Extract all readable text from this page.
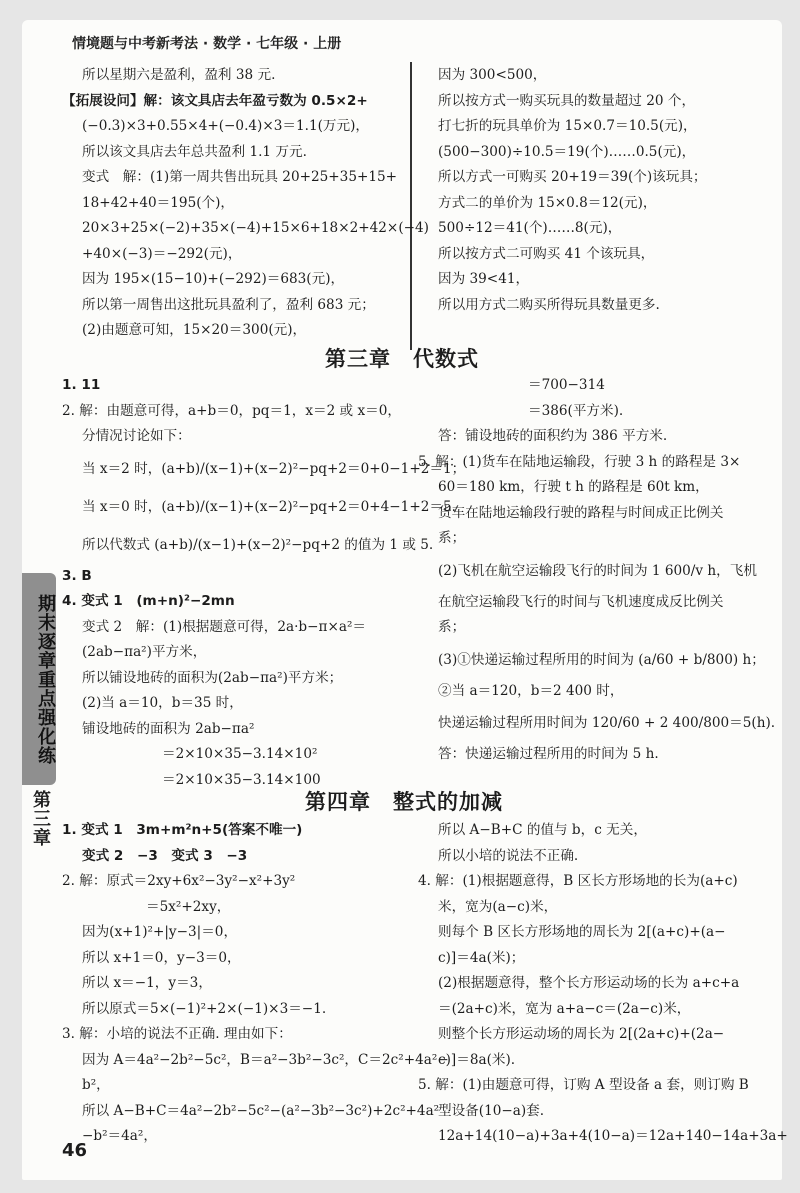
情境题与中考新考法 · 数学 · 七年级 · 上册
所以星期六是盈利，盈利 38 元.
【拓展设问】解：该文具店去年盈亏数为 0.5×2+
(−0.3)×3+0.55×4+(−0.4)×3＝1.1(万元)，
所以该文具店去年总共盈利 1.1 万元.
变式　解：(1)第一周共售出玩具 20+25+35+15+
18+42+40＝195(个)，
20×3+25×(−2)+35×(−4)+15×6+18×2+42×(−4)
+40×(−3)＝−292(元)，
因为 195×(15−10)+(−292)＝683(元)，
所以第一周售出这批玩具盈利了，盈利 683 元；
(2)由题意可知，15×20＝300(元)，
因为 300<500，
所以按方式一购买玩具的数量超过 20 个，
打七折的玩具单价为 15×0.7＝10.5(元)，
(500−300)÷10.5＝19(个)……0.5(元)，
所以方式一可购买 20+19＝39(个)该玩具；
方式二的单价为 15×0.8＝12(元)，
500÷12＝41(个)……8(元)，
所以按方式二可购买 41 个该玩具，
因为 39<41，
所以用方式二购买所得玩具数量更多.
第三章　代数式
1. 11
2. 解：由题意可得，a+b＝0，pq＝1，x＝2 或 x＝0，
分情况讨论如下：
当 x＝2 时，(a+b)/(x−1)+(x−2)²−pq+2＝0+0−1+2＝1；
当 x＝0 时，(a+b)/(x−1)+(x−2)²−pq+2＝0+4−1+2＝5.
所以代数式 (a+b)/(x−1)+(x−2)²−pq+2 的值为 1 或 5.
3. B
4. 变式 1　(m+n)²−2mn
变式 2　解：(1)根据题意可得，2a·b−π×a²＝
(2ab−πa²)平方米，
所以铺设地砖的面积为(2ab−πa²)平方米；
(2)当 a＝10，b＝35 时，
铺设地砖的面积为 2ab−πa²
＝2×10×35−3.14×10²
＝2×10×35−3.14×100
＝700−314
＝386(平方米).
答：铺设地砖的面积约为 386 平方米.
5. 解：(1)货车在陆地运输段，行驶 3 h 的路程是 3×
60＝180 km，行驶 t h 的路程是 60t km，
货车在陆地运输段行驶的路程与时间成正比例关
系；
(2)飞机在航空运输段飞行的时间为 1 600/v h，飞机
在航空运输段飞行的时间与飞机速度成反比例关
系；
(3)①快递运输过程所用的时间为 (a/60 + b/800) h；
②当 a＝120，b＝2 400 时，
快递运输过程所用时间为 120/60 + 2 400/800＝5(h).
答：快递运输过程所用的时间为 5 h.
第四章　整式的加减
1. 变式 1　3m+m²n+5(答案不唯一)
变式 2　−3　变式 3　−3
2. 解：原式＝2xy+6x²−3y²−x²+3y²
＝5x²+2xy，
因为(x+1)²+|y−3|＝0，
所以 x+1＝0，y−3＝0，
所以 x＝−1，y＝3，
所以原式＝5×(−1)²+2×(−1)×3＝−1.
3. 解：小培的说法不正确. 理由如下：
因为 A＝4a²−2b²−5c²，B＝a²−3b²−3c²，C＝2c²+4a²−
b²，
所以 A−B+C＝4a²−2b²−5c²−(a²−3b²−3c²)+2c²+4a²
−b²＝4a²，
所以 A−B+C 的值与 b，c 无关，
所以小培的说法不正确.
4. 解：(1)根据题意得，B 区长方形场地的长为(a+c)
米，宽为(a−c)米，
则每个 B 区长方形场地的周长为 2[(a+c)+(a−
c)]＝4a(米)；
(2)根据题意得，整个长方形运动场的长为 a+c+a
＝(2a+c)米，宽为 a+a−c＝(2a−c)米，
则整个长方形运动场的周长为 2[(2a+c)+(2a−
c)]＝8a(米).
5. 解：(1)由题意可得，订购 A 型设备 a 套，则订购 B
型设备(10−a)套.
12a+14(10−a)+3a+4(10−a)＝12a+140−14a+3a+
期末逐章重点强化练
第三章
46
